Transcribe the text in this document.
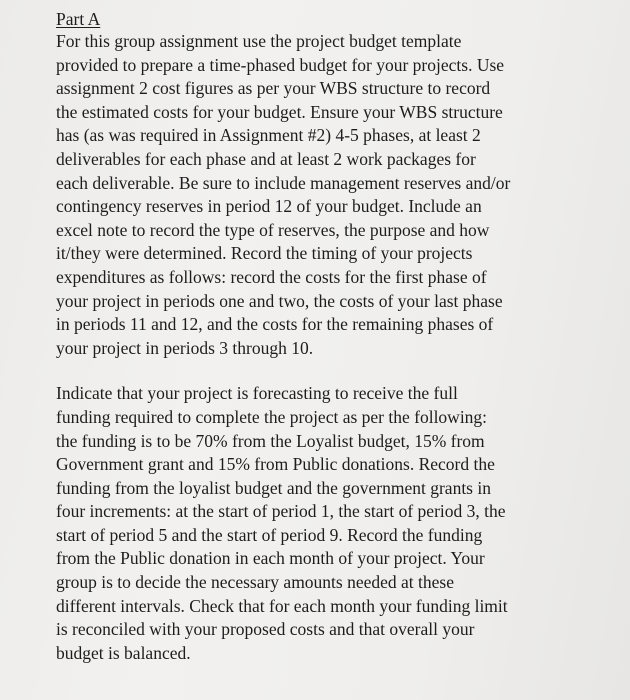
Part A
For this group assignment use the project budget template
provided to prepare a time-phased budget for your projects. Use
assignment 2 cost figures as per your WBS structure to record
the estimated costs for your budget. Ensure your WBS structure
has (as was required in Assignment #2) 4-5 phases, at least 2
deliverables for each phase and at least 2 work packages for
each deliverable. Be sure to include management reserves and/or
contingency reserves in period 12 of your budget. Include an
excel note to record the type of reserves, the purpose and how
it/they were determined. Record the timing of your projects
expenditures as follows: record the costs for the first phase of
your project in periods one and two, the costs of your last phase
in periods 11 and 12, and the costs for the remaining phases of
your project in periods 3 through 10.
Indicate that your project is forecasting to receive the full
funding required to complete the project as per the following:
the funding is to be 70% from the Loyalist budget, 15% from
Government grant and 15% from Public donations. Record the
funding from the loyalist budget and the government grants in
four increments: at the start of period 1, the start of period 3, the
start of period 5 and the start of period 9. Record the funding
from the Public donation in each month of your project. Your
group is to decide the necessary amounts needed at these
different intervals. Check that for each month your funding limit
is reconciled with your proposed costs and that overall your
budget is balanced.
